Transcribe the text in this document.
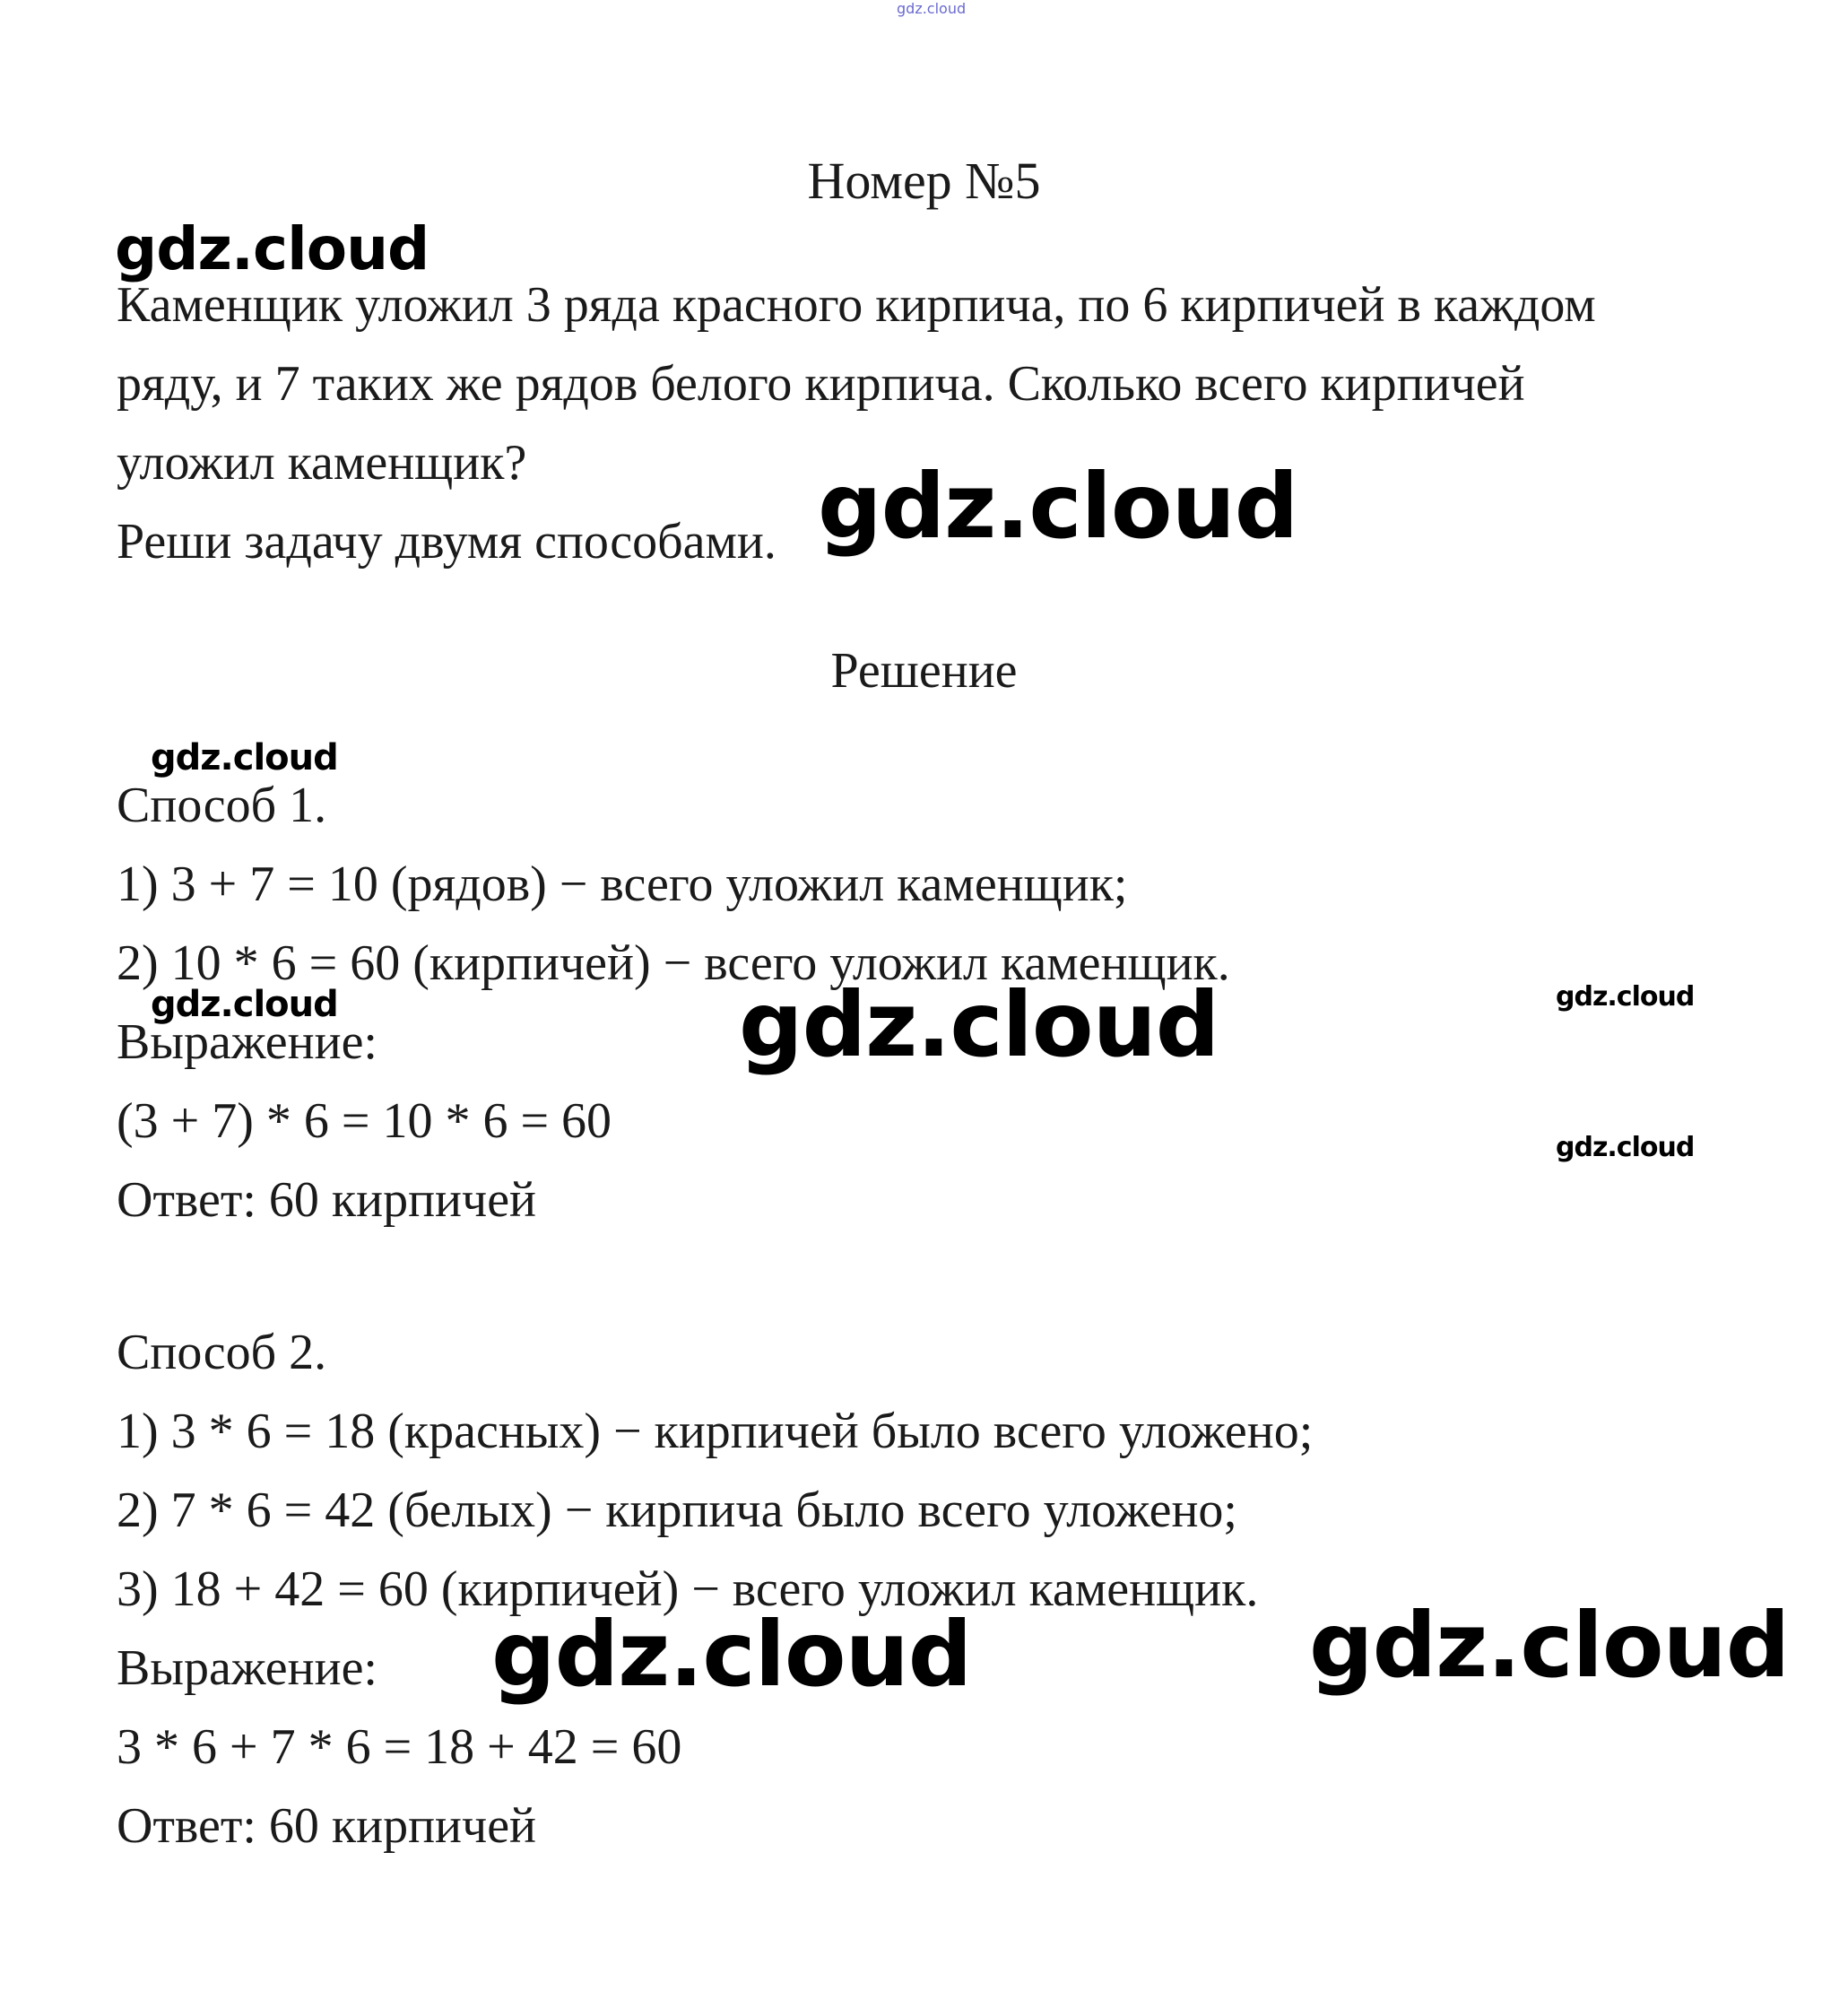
gdz.cloud
Номер №5
Каменщик уложил 3 ряда красного кирпича, по 6 кирпичей в каждом
ряду, и 7 таких же рядов белого кирпича. Сколько всего кирпичей
уложил каменщик?
Реши задачу двумя способами.
Решение
Способ 1.
1) 3 + 7 = 10 (рядов) − всего уложил каменщик;
2) 10 * 6 = 60 (кирпичей) − всего уложил каменщик.
Выражение:
(3 + 7) * 6 = 10 * 6 = 60
Ответ: 60 кирпичей
Способ 2.
1) 3 * 6 = 18 (красных) − кирпичей было всего уложено;
2) 7 * 6 = 42 (белых) − кирпича было всего уложено;
3) 18 + 42 = 60 (кирпичей) − всего уложил каменщик.
Выражение:
3 * 6 + 7 * 6 = 18 + 42 = 60
Ответ: 60 кирпичей
gdz.cloud
gdz.cloud
gdz.cloud
gdz.cloud	gdz.cloud	gdz.cloud
gdz.cloud
gdz.cloud	gdz.cloud
